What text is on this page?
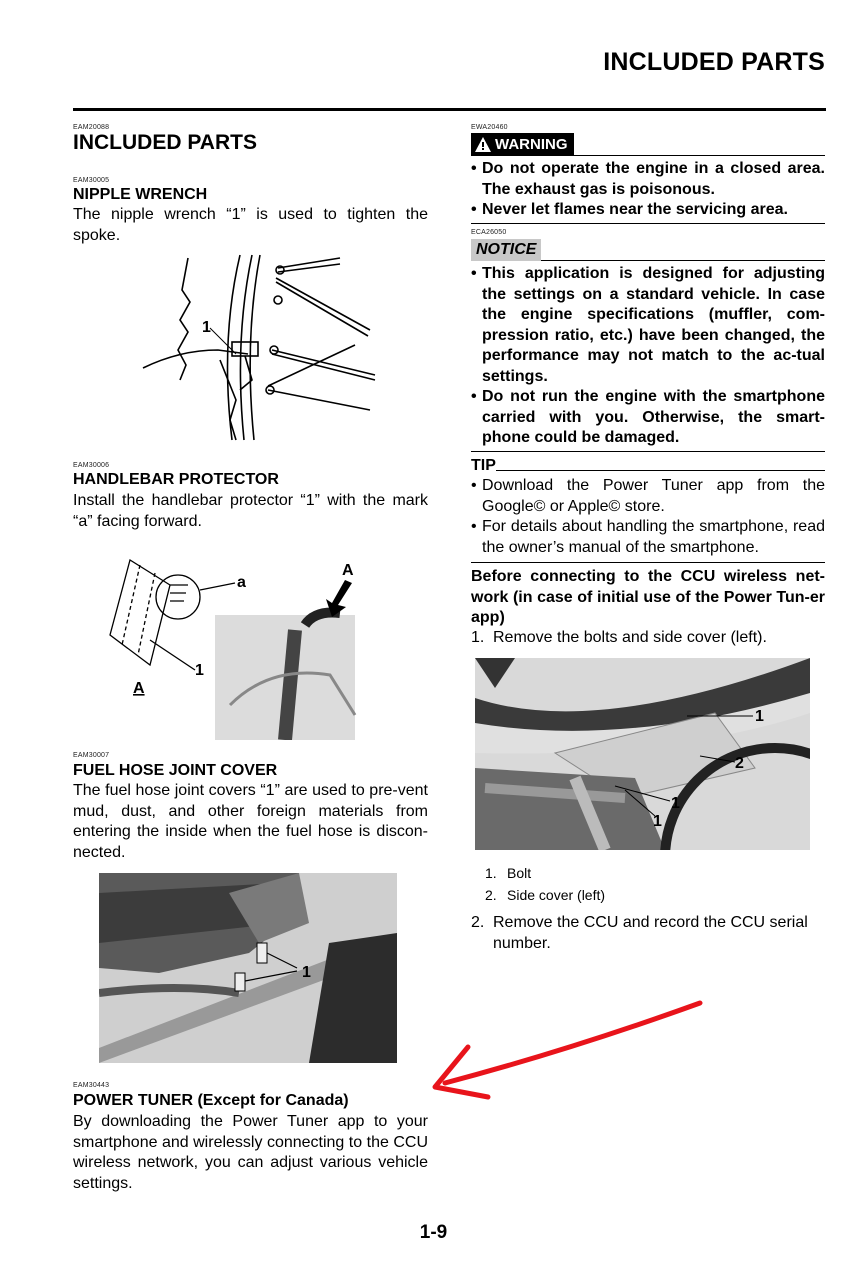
INCLUDED PARTS
EAM20088
INCLUDED PARTS
EAM30005
NIPPLE WRENCH
The nipple wrench “1” is used to tighten the spoke.
1
EAM30006
HANDLEBAR PROTECTOR
Install the handlebar protector “1” with the mark “a” facing forward.
a
1
A
A
EAM30007
FUEL HOSE JOINT COVER
The fuel hose joint covers “1” are used to pre-vent mud, dust, and other foreign materials from entering the inside when the fuel hose is discon-nected.
1
EAM30443
POWER TUNER (Except for Canada)
By downloading the Power Tuner app to your smartphone and wirelessly connecting to the CCU wireless network, you can adjust various vehicle settings.
EWA20460
WARNING
• Do not operate the engine in a closed area. The exhaust gas is poisonous.
• Never let flames near the servicing area.
ECA26050
NOTICE
• This application is designed for adjusting the settings on a standard vehicle. In case the engine specifications (muffler, com-pression ratio, etc.) have been changed, the performance may not match to the ac-tual settings.
• Do not run the engine with the smartphone carried with you. Otherwise, the smart-phone could be damaged.
TIP
• Download the Power Tuner app from the Google© or Apple© store.
• For details about handling the smartphone, read the owner’s manual of the smartphone.
Before connecting to the CCU wireless net-work (in case of initial use of the Power Tun-er app)
1. Remove the bolts and side cover (left).
1
2
1
1
1. Bolt
2. Side cover (left)
2. Remove the CCU and record the CCU serial number.
1-9
